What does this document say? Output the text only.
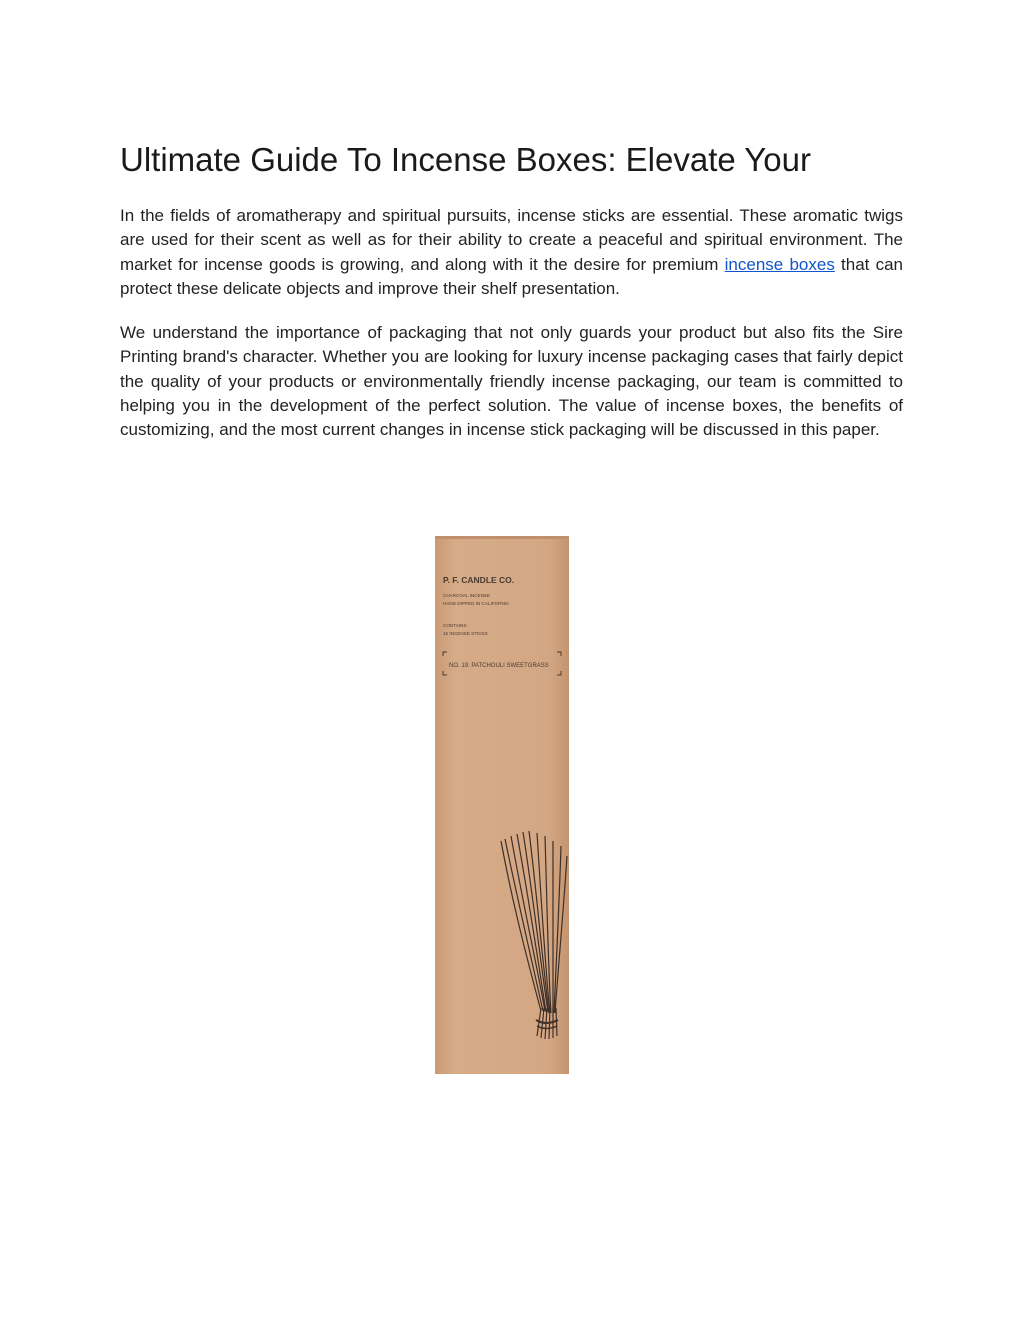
Ultimate Guide To Incense Boxes: Elevate Your

In the fields of aromatherapy and spiritual pursuits, incense sticks are essential. These aromatic twigs are used for their scent as well as for their ability to create a peaceful and spiritual environment. The market for incense goods is growing, and along with it the desire for premium incense boxes that can protect these delicate objects and improve their shelf presentation.

We understand the importance of packaging that not only guards your product but also fits the Sire Printing brand's character. Whether you are looking for luxury incense packaging cases that fairly depict the quality of your products or environmentally friendly incense packaging, our team is committed to helping you in the development of the perfect solution. The value of incense boxes, the benefits of customizing, and the most current changes in incense stick packaging will be discussed in this paper.

P. F. CANDLE CO.
CHARCOAL INCENSE
HAND DIPPED IN CALIFORNIA
CONTAINS:
15 INCENSE STICKS
NO. 19: PATCHOULI SWEETGRASS
